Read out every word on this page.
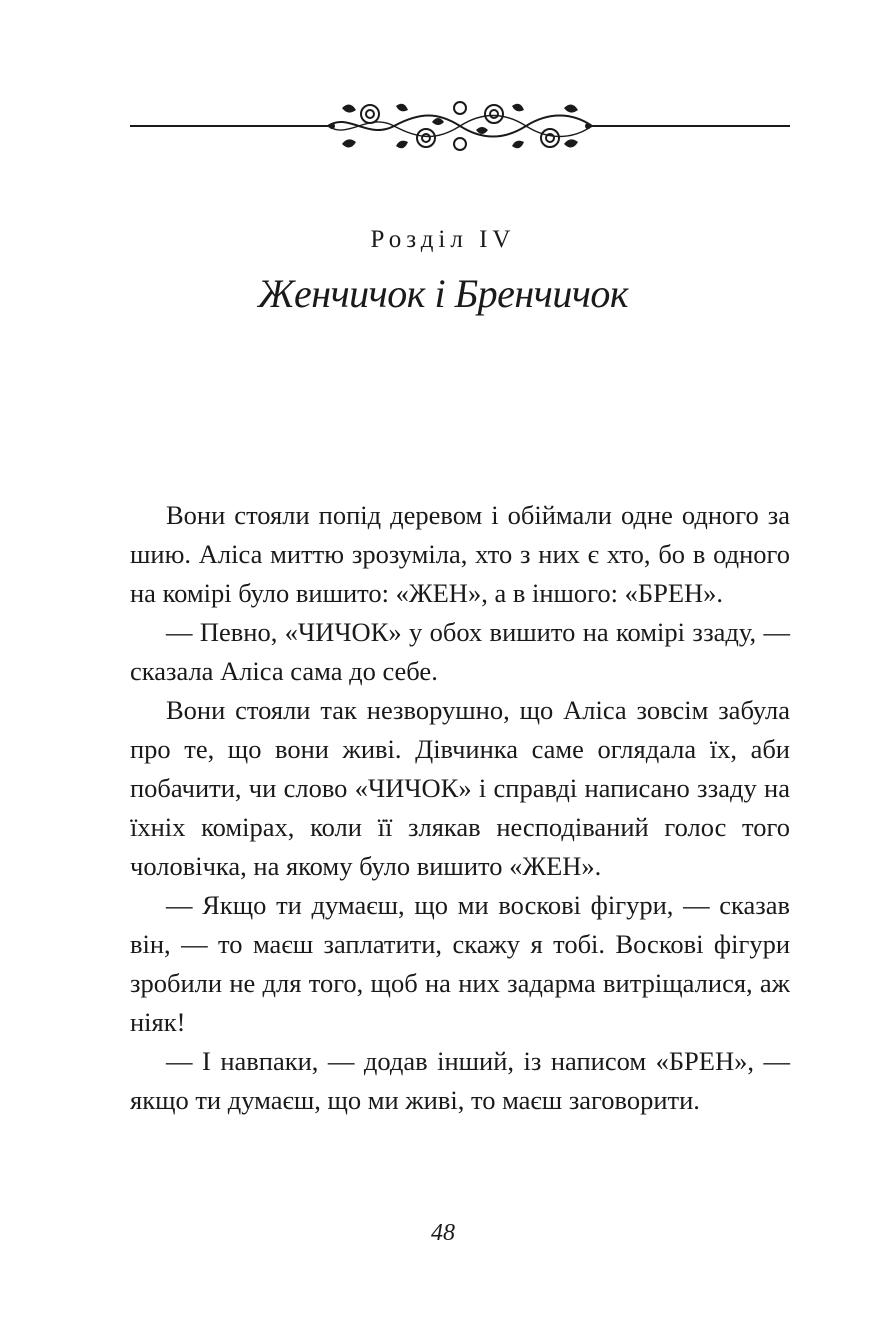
Розділ IV
Женчичок і Бренчичок

Вони стояли попід деревом і обіймали одне одного за шию. Аліса миттю зрозуміла, хто з них є хто, бо в одного на комірі було вишито: «ЖЕН», а в іншого: «БРЕН».

— Певно, «ЧИЧОК» у обох вишито на комірі ззаду, — сказала Аліса сама до себе.

Вони стояли так незворушно, що Аліса зовсім забула про те, що вони живі. Дівчинка саме оглядала їх, аби побачити, чи слово «ЧИЧОК» і справді написано ззаду на їхніх комірах, коли її злякав несподіваний голос того чоловічка, на якому було вишито «ЖЕН».

— Якщо ти думаєш, що ми воскові фігури, — сказав він, — то маєш заплатити, скажу я тобі. Воскові фігури зробили не для того, щоб на них задарма витріщалися, аж ніяк!

— І навпаки, — додав інший, із написом «БРЕН», — якщо ти думаєш, що ми живі, то маєш заговорити.

48
